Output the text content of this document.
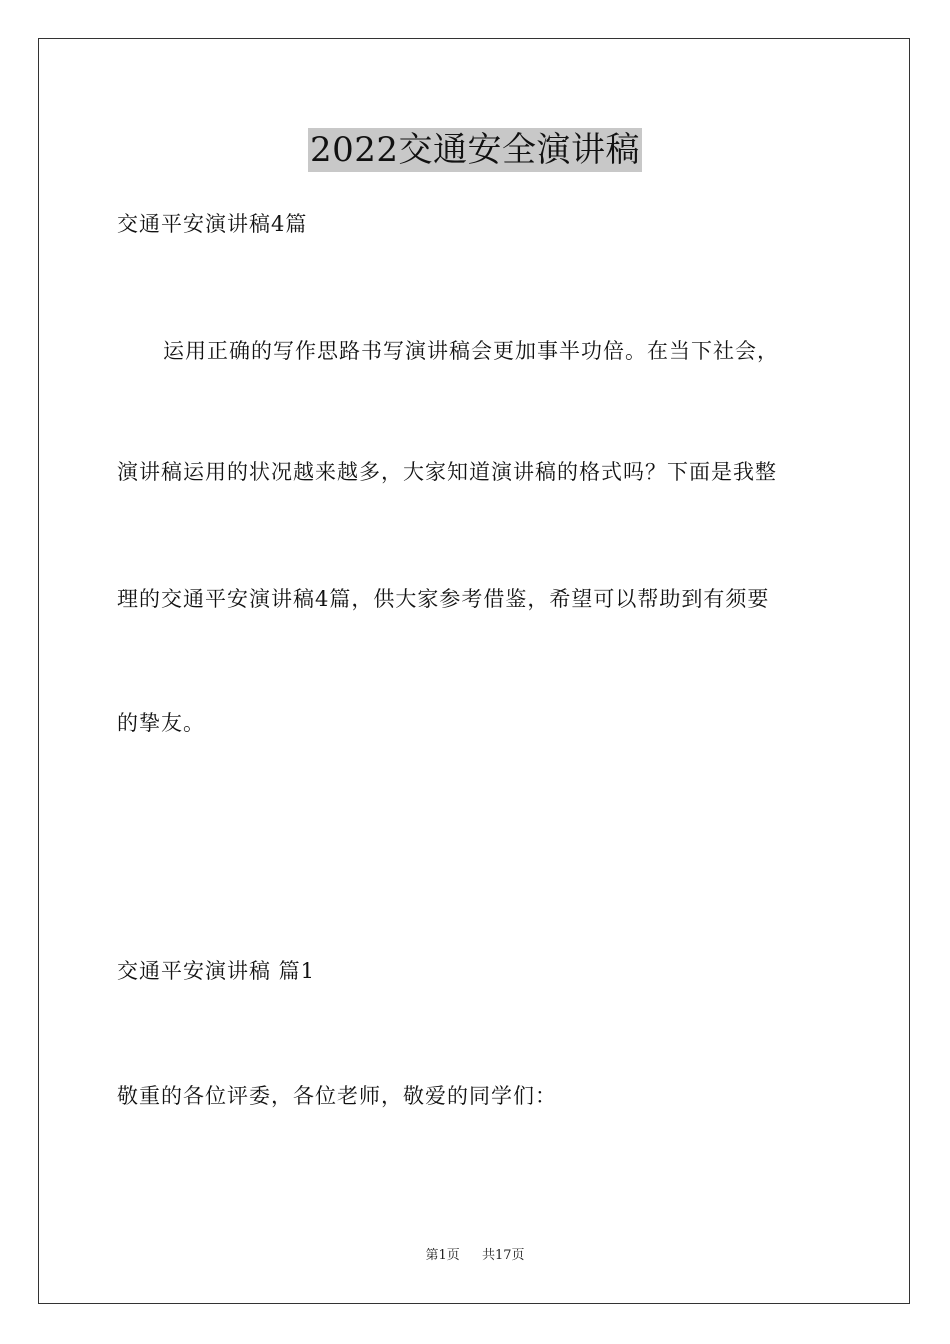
2022交通安全演讲稿
交通平安演讲稿4篇
运用正确的写作思路书写演讲稿会更加事半功倍。在当下社会，
演讲稿运用的状况越来越多，大家知道演讲稿的格式吗？下面是我整
理的交通平安演讲稿4篇，供大家参考借鉴，希望可以帮助到有须要
的挚友。
交通平安演讲稿 篇1
敬重的各位评委，各位老师，敬爱的同学们：
第1页 共17页
